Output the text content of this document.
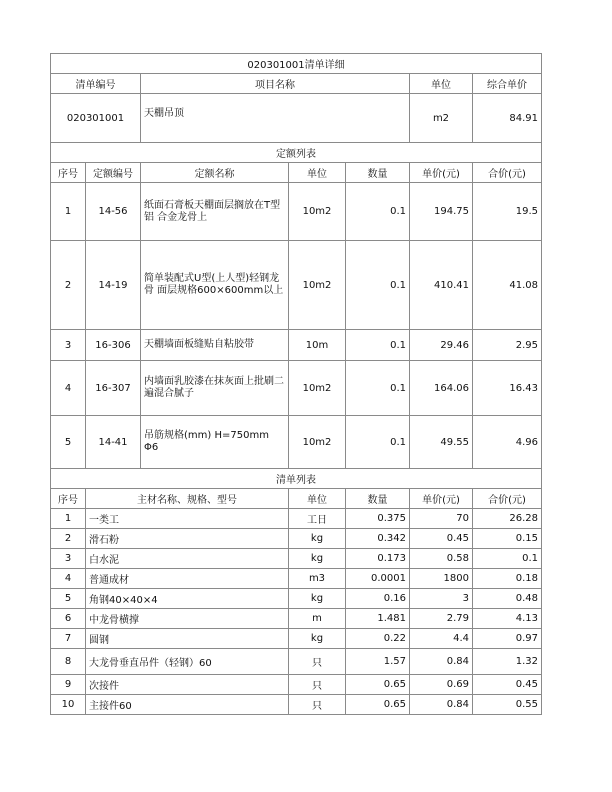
020301001清单详细						
清单编号		项目名称			单位	综合单价
020301001		天棚吊顶			m2	84.91
定额列表						
序号	定额编号	定额名称	单位	数量	单价(元)	合价(元)
1	14-56	纸面石膏板天棚面层搁放在T型铝 合金龙骨上	10m2	0.1	194.75	19.5
2	14-19	简单装配式U型(上人型)轻钢龙骨 面层规格600×600mm以上	10m2	0.1	410.41	41.08
3	16-306	天棚墙面板缝贴自粘胶带	10m	0.1	29.46	2.95
4	16-307	内墙面乳胶漆在抹灰面上批刷二遍混合腻子	10m2	0.1	164.06	16.43
5	14-41	吊筋规格(mm) H=750mm Φ6	10m2	0.1	49.55	4.96
清单列表						
序号	主材名称、规格、型号		单位	数量	单价(元)	合价(元)
1	一类工		工日	0.375	70	26.28
2	滑石粉		kg	0.342	0.45	0.15
3	白水泥		kg	0.173	0.58	0.1
4	普通成材		m3	0.0001	1800	0.18
5	角钢40×40×4		kg	0.16	3	0.48
6	中龙骨横撑		m	1.481	2.79	4.13
7	圆钢		kg	0.22	4.4	0.97
8	大龙骨垂直吊件（轻钢）60		只	1.57	0.84	1.32
9	次接件		只	0.65	0.69	0.45
10	主接件60		只	0.65	0.84	0.55
